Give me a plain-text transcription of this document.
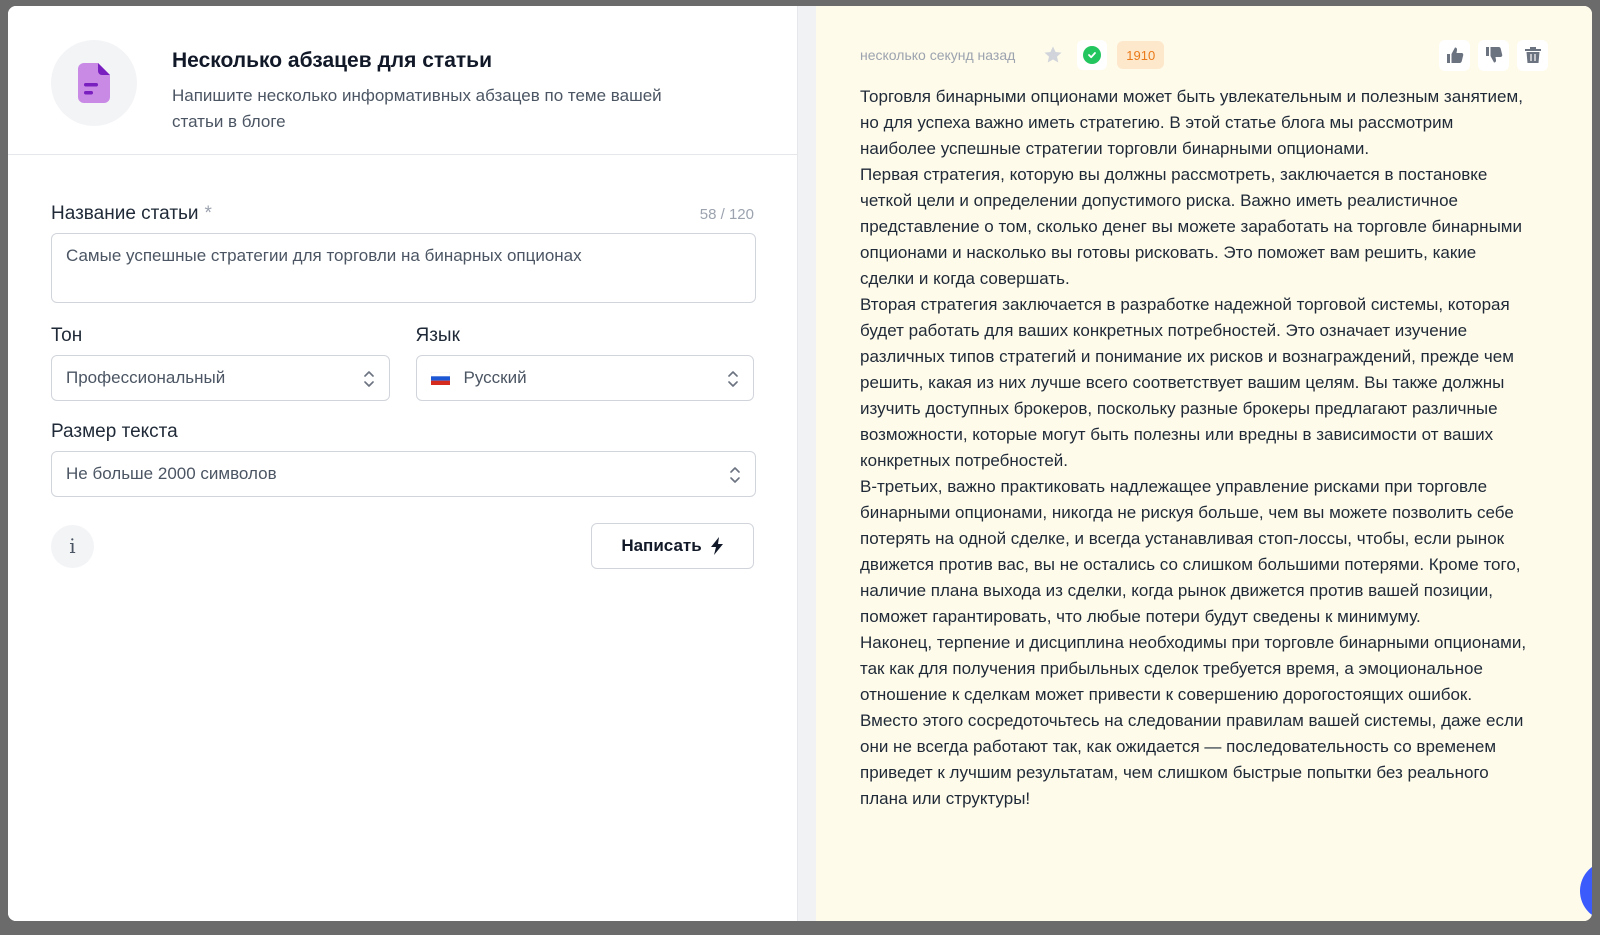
Несколько абзацев для статьи
Напишите несколько информативных абзацев по теме вашей статьи в блоге
Название статьи *	58 / 120
Самые успешные стратегии для торговли на бинарных опционах
Тон
Профессиональный
Язык
Русский
Размер текста
Не больше 2000 символов
i	Написать
несколько секунд назад	1910

Торговля бинарными опционами может быть увлекательным и полезным занятием, но для успеха важно иметь стратегию. В этой статье блога мы рассмотрим наиболее успешные стратегии торговли бинарными опционами.

Первая стратегия, которую вы должны рассмотреть, заключается в постановке четкой цели и определении допустимого риска. Важно иметь реалистичное представление о том, сколько денег вы можете заработать на торговле бинарными опционами и насколько вы готовы рисковать. Это поможет вам решить, какие сделки и когда совершать.

Вторая стратегия заключается в разработке надежной торговой системы, которая будет работать для ваших конкретных потребностей. Это означает изучение различных типов стратегий и понимание их рисков и вознаграждений, прежде чем решить, какая из них лучше всего соответствует вашим целям. Вы также должны изучить доступных брокеров, поскольку разные брокеры предлагают различные возможности, которые могут быть полезны или вредны в зависимости от ваших конкретных потребностей.

В-третьих, важно практиковать надлежащее управление рисками при торговле бинарными опционами, никогда не рискуя больше, чем вы можете позволить себе потерять на одной сделке, и всегда устанавливая стоп-лоссы, чтобы, если рынок движется против вас, вы не остались со слишком большими потерями. Кроме того, наличие плана выхода из сделки, когда рынок движется против вашей позиции, поможет гарантировать, что любые потери будут сведены к минимуму.

Наконец, терпение и дисциплина необходимы при торговле бинарными опционами, так как для получения прибыльных сделок требуется время, а эмоциональное отношение к сделкам может привести к совершению дорогостоящих ошибок. Вместо этого сосредоточьтесь на следовании правилам вашей системы, даже если они не всегда работают так, как ожидается — последовательность со временем приведет к лучшим результатам, чем слишком быстрые попытки без реального плана или структуры!
